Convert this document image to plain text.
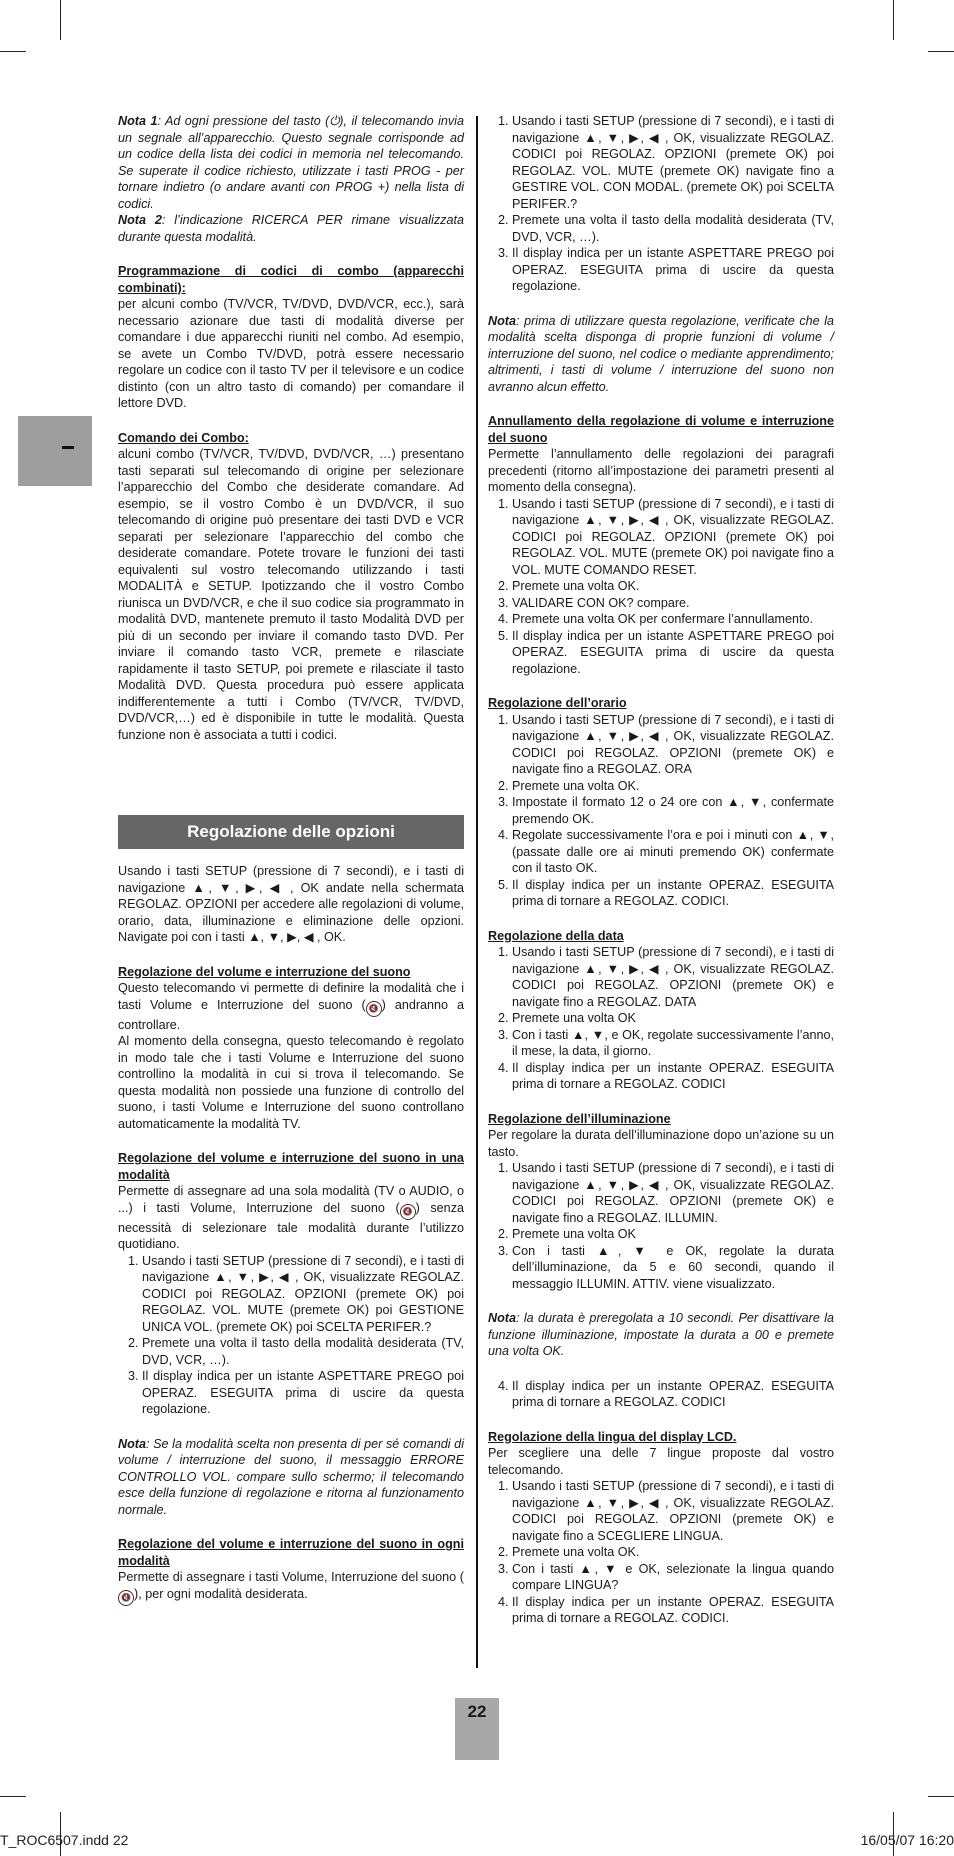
Nota 1: Ad ogni pressione del tasto (⏻), il telecomando invia un segnale all’apparecchio. Questo segnale corrisponde ad un codice della lista dei codici in memoria nel telecomando. Se superate il codice richiesto, utilizzate i tasti PROG - per tornare indietro (o andare avanti con PROG +) nella lista di codici.

Nota 2: l’indicazione RICERCA PER rimane visualizzata durante questa modalità.

Programmazione di codici di combo (apparecchi combinati):

per alcuni combo (TV/VCR, TV/DVD, DVD/VCR, ecc.), sarà necessario azionare due tasti di modalità diverse per comandare i due apparecchi riuniti nel combo. Ad esempio, se avete un Combo TV/DVD, potrà essere necessario regolare un codice con il tasto TV per il televisore e un codice distinto (con un altro tasto di comando) per comandare il lettore DVD.

Comando dei Combo:

alcuni combo (TV/VCR, TV/DVD, DVD/VCR, …) presentano tasti separati sul telecomando di origine per selezionare l’apparecchio del Combo che desiderate comandare. Ad esempio, se il vostro Combo è un DVD/VCR, il suo telecomando di origine può presentare dei tasti DVD e VCR separati per selezionare l’apparecchio del combo che desiderate comandare. Potete trovare le funzioni dei tasti equivalenti sul vostro telecomando utilizzando i tasti MODALITÀ e SETUP. Ipotizzando che il vostro Combo riunisca un DVD/VCR, e che il suo codice sia programmato in modalità DVD, mantenete premuto il tasto Modalità DVD per più di un secondo per inviare il comando tasto DVD. Per inviare il comando tasto VCR, premete e rilasciate rapidamente il tasto SETUP, poi premete e rilasciate il tasto Modalità DVD. Questa procedura può essere applicata indifferentemente a tutti i Combo (TV/VCR, TV/DVD, DVD/VCR,…) ed è disponibile in tutte le modalità. Questa funzione non è associata a tutti i codici.

Regolazione delle opzioni

Usando i tasti SETUP (pressione di 7 secondi), e i tasti di navigazione ▲, ▼, ▶, ◀ , OK andate nella schermata REGOLAZ. OPZIONI per accedere alle regolazioni di volume, orario, data, illuminazione e eliminazione delle opzioni. Navigate poi con i tasti ▲, ▼, ▶, ◀ , OK.

Regolazione del volume e interruzione del suono

Questo telecomando vi permette di definire la modalità che i tasti Volume e Interruzione del suono ( 🔇 ) andranno a controllare.

Al momento della consegna, questo telecomando è regolato in modo tale che i tasti Volume e Interruzione del suono controllino la modalità in cui si trova il telecomando. Se questa modalità non possiede una funzione di controllo del suono, i tasti Volume e Interruzione del suono controllano automaticamente la modalità TV.

Regolazione del volume e interruzione del suono in una modalità

Permette di assegnare ad una sola modalità (TV o AUDIO, o ...) i tasti Volume, Interruzione del suono ( 🔇 ) senza necessità di selezionare tale modalità durante l’utilizzo quotidiano.

1. Usando i tasti SETUP (pressione di 7 secondi), e i tasti di navigazione ▲, ▼, ▶, ◀ , OK, visualizzate REGOLAZ. CODICI poi REGOLAZ. OPZIONI (premete OK) poi REGOLAZ. VOL. MUTE (premete OK) poi GESTIONE UNICA VOL. (premete OK) poi SCELTA PERIFER.?
2. Premete una volta il tasto della modalità desiderata (TV, DVD, VCR, …).
3. Il display indica per un istante ASPETTARE PREGO poi OPERAZ. ESEGUITA prima di uscire da questa regolazione.

Nota: Se la modalità scelta non presenta di per sé comandi di volume / interruzione del suono, il messaggio ERRORE CONTROLLO VOL. compare sullo schermo; il telecomando esce della funzione di regolazione e ritorna al funzionamento normale.

Regolazione del volume e interruzione del suono in ogni modalità

Permette di assegnare i tasti Volume, Interruzione del suono (🔇 ), per ogni modalità desiderata.

1. Usando i tasti SETUP (pressione di 7 secondi), e i tasti di navigazione ▲, ▼, ▶, ◀ , OK, visualizzate REGOLAZ. CODICI poi REGOLAZ. OPZIONI (premete OK) poi REGOLAZ. VOL. MUTE (premete OK) navigate fino a GESTIRE VOL. CON MODAL. (premete OK) poi SCELTA PERIFER.?
2. Premete una volta il tasto della modalità desiderata (TV, DVD, VCR, …).
3. Il display indica per un istante ASPETTARE PREGO poi OPERAZ. ESEGUITA prima di uscire da questa regolazione.

Nota: prima di utilizzare questa regolazione, verificate che la modalità scelta disponga di proprie funzioni di volume / interruzione del suono, nel codice o mediante apprendimento; altrimenti, i tasti di volume / interruzione del suono non avranno alcun effetto.

Annullamento della regolazione di volume e interruzione del suono

Permette l’annullamento delle regolazioni dei paragrafi precedenti (ritorno all’impostazione dei parametri presenti al momento della consegna).

1. Usando i tasti SETUP (pressione di 7 secondi), e i tasti di navigazione ▲, ▼, ▶, ◀ , OK, visualizzate REGOLAZ. CODICI poi REGOLAZ. OPZIONI (premete OK) poi REGOLAZ. VOL. MUTE (premete OK) poi navigate fino a VOL. MUTE COMANDO RESET.
2. Premete una volta OK.
3. VALIDARE CON OK? compare.
4. Premete una volta OK per confermare l’annullamento.
5. Il display indica per un istante ASPETTARE PREGO poi OPERAZ. ESEGUITA prima di uscire da questa regolazione.

Regolazione dell’orario

1. Usando i tasti SETUP (pressione di 7 secondi), e i tasti di navigazione ▲, ▼, ▶, ◀ , OK, visualizzate REGOLAZ. CODICI poi REGOLAZ. OPZIONI (premete OK) e navigate fino a REGOLAZ. ORA
2. Premete una volta OK.
3. Impostate il formato 12 o 24 ore con ▲, ▼, confermate premendo OK.
4. Regolate successivamente l’ora e poi i minuti con ▲, ▼, (passate dalle ore ai minuti premendo OK) confermate con il tasto OK.
5. Il display indica per un instante OPERAZ. ESEGUITA prima di tornare a REGOLAZ. CODICI.

Regolazione della data

1. Usando i tasti SETUP (pressione di 7 secondi), e i tasti di navigazione ▲, ▼, ▶, ◀ , OK, visualizzate REGOLAZ. CODICI poi REGOLAZ. OPZIONI (premete OK) e navigate fino a REGOLAZ. DATA
2. Premete una volta OK
3. Con i tasti ▲, ▼, e OK, regolate successivamente l’anno, il mese, la data, il giorno.
4. Il display indica per un instante OPERAZ. ESEGUITA prima di tornare a REGOLAZ. CODICI

Regolazione dell’illuminazione

Per regolare la durata dell’illuminazione dopo un’azione su un tasto.

1. Usando i tasti SETUP (pressione di 7 secondi), e i tasti di navigazione ▲, ▼, ▶, ◀ , OK, visualizzate REGOLAZ. CODICI poi REGOLAZ. OPZIONI (premete OK) e navigate fino a REGOLAZ. ILLUMIN.
2. Premete una volta OK
3. Con i tasti ▲, ▼ e OK, regolate la durata dell’illuminazione, da 5 e 60 secondi, quando il messaggio ILLUMIN. ATTIV. viene visualizzato.

Nota: la durata è preregolata a 10 secondi. Per disattivare la funzione illuminazione, impostate la durata a 00 e premete una volta OK.

4. Il display indica per un instante OPERAZ. ESEGUITA prima di tornare a REGOLAZ. CODICI

Regolazione della lingua del display LCD.

Per scegliere una delle 7 lingue proposte dal vostro telecomando.

1. Usando i tasti SETUP (pressione di 7 secondi), e i tasti di navigazione ▲, ▼, ▶, ◀ , OK, visualizzate REGOLAZ. CODICI poi REGOLAZ. OPZIONI (premete OK) e navigate fino a SCEGLIERE LINGUA.
2. Premete una volta OK.
3. Con i tasti ▲, ▼ e OK, selezionate la lingua quando compare LINGUA?
4. Il display indica per un instante OPERAZ. ESEGUITA prima di tornare a REGOLAZ. CODICI.
22
T_ROC6507.indd 22	16/05/07 16:20
